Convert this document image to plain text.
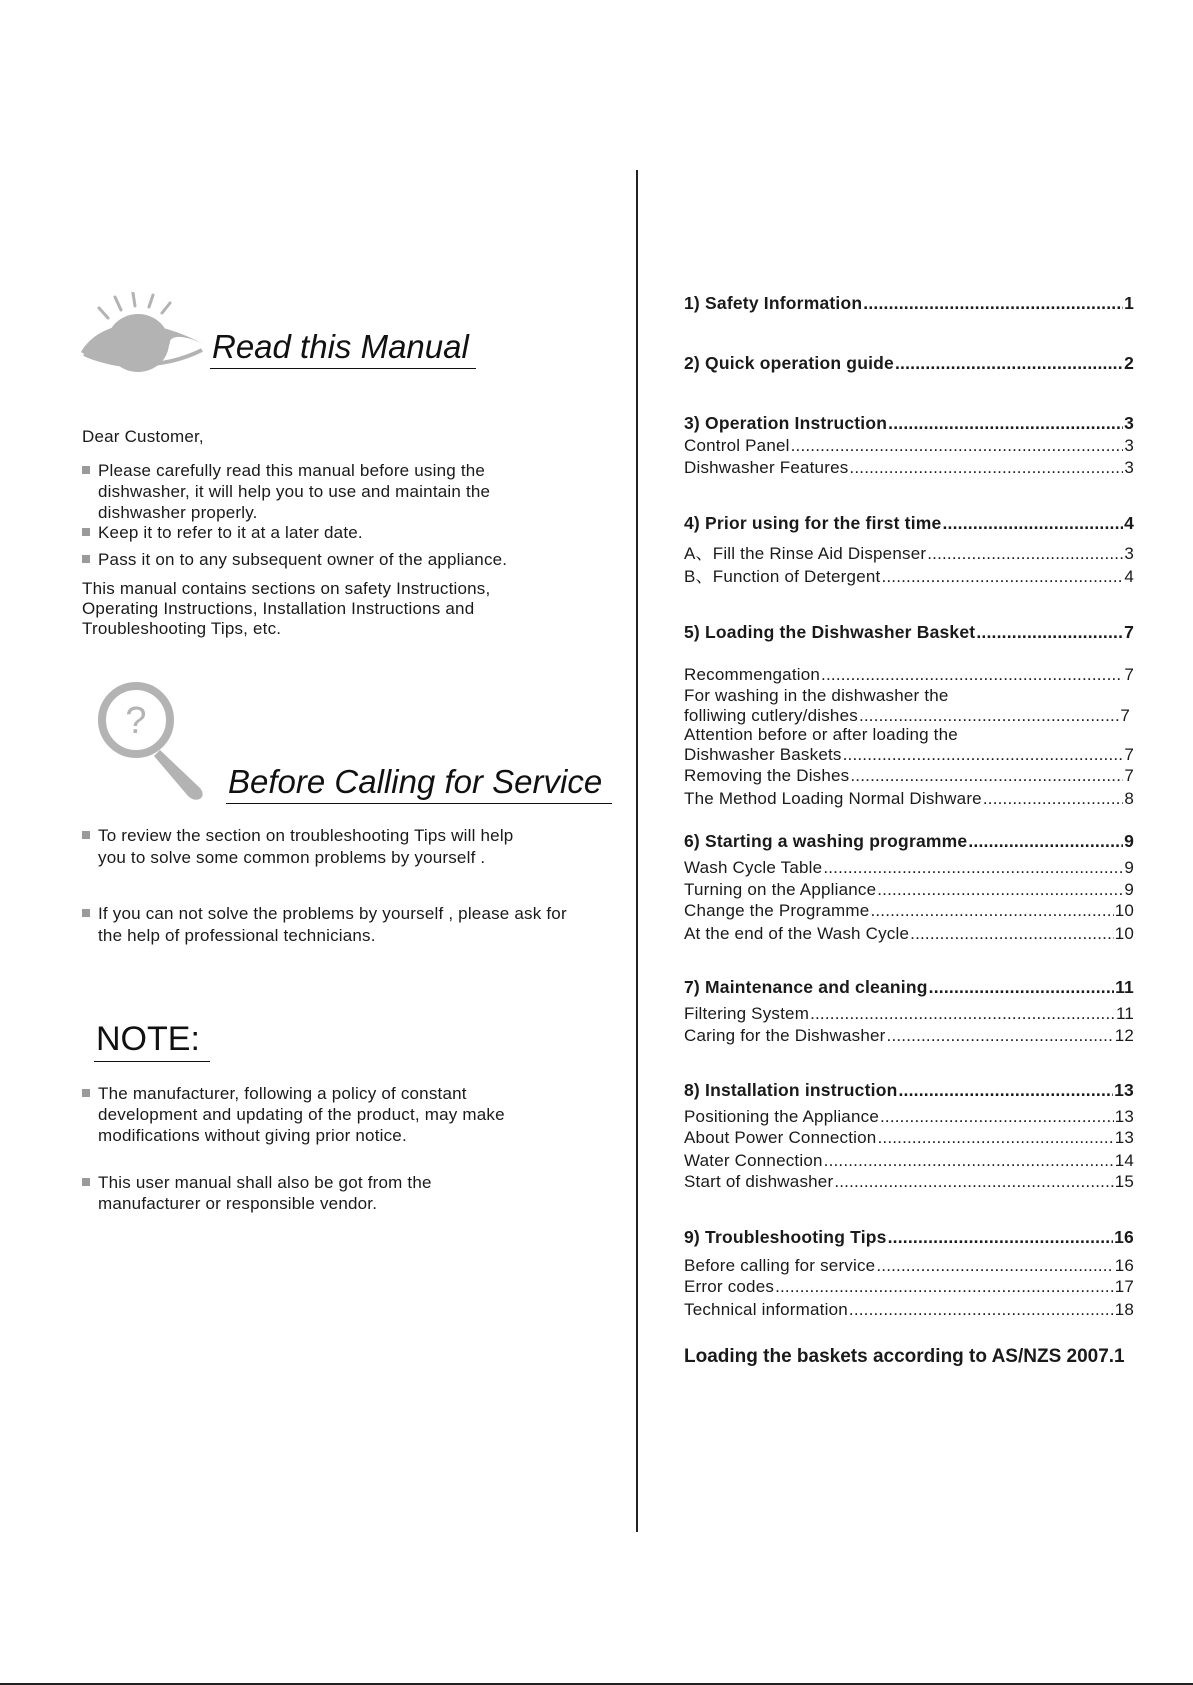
Read this Manual
Dear Customer,
Please carefully read this manual before using the dishwasher, it will help you to use and maintain the dishwasher properly.
Keep it to refer to it at a later date.
Pass it on to any subsequent owner of the appliance.
This manual contains sections on safety Instructions, Operating Instructions, Installation Instructions and Troubleshooting Tips, etc.
?
Before Calling for Service
To review the section on troubleshooting Tips will help you to solve some common problems by yourself .
If you can not solve the problems by yourself , please ask for the help of professional technicians.
NOTE:
The manufacturer, following a policy of constant development and updating of the product, may make modifications without giving prior notice.
This user manual shall also be got from the manufacturer or responsible vendor.
1) Safety Information .....	1
2) Quick operation guide .....	2
3) Operation Instruction .....	3
Control Panel .....	3
Dishwasher Features .....	3
4) Prior using for the first time .....	4
A、Fill the Rinse Aid Dispenser .....	3
B、Function of Detergent .....	4
5) Loading the Dishwasher Basket .....	7
Recommengation .....	7
For washing in the dishwasher the
folliwing cutlery/dishes .....	7
Attention before or after loading the
Dishwasher Baskets .....	7
Removing the Dishes .....	7
The Method Loading Normal Dishware .....	8
6) Starting a washing programme .....	9
Wash Cycle Table .....	9
Turning on the Appliance .....	9
Change the Programme .....	10
At the end of the Wash Cycle .....	10
7) Maintenance and cleaning .....	11
Filtering System .....	11
Caring for the Dishwasher .....	12
8) Installation instruction .....	13
Positioning the Appliance .....	13
About Power Connection .....	13
Water Connection .....	14
Start of dishwasher .....	15
9) Troubleshooting Tips .....	16
Before calling for service .....	16
Error codes .....	17
Technical information .....	18
Loading the baskets according to AS/NZS 2007.1
